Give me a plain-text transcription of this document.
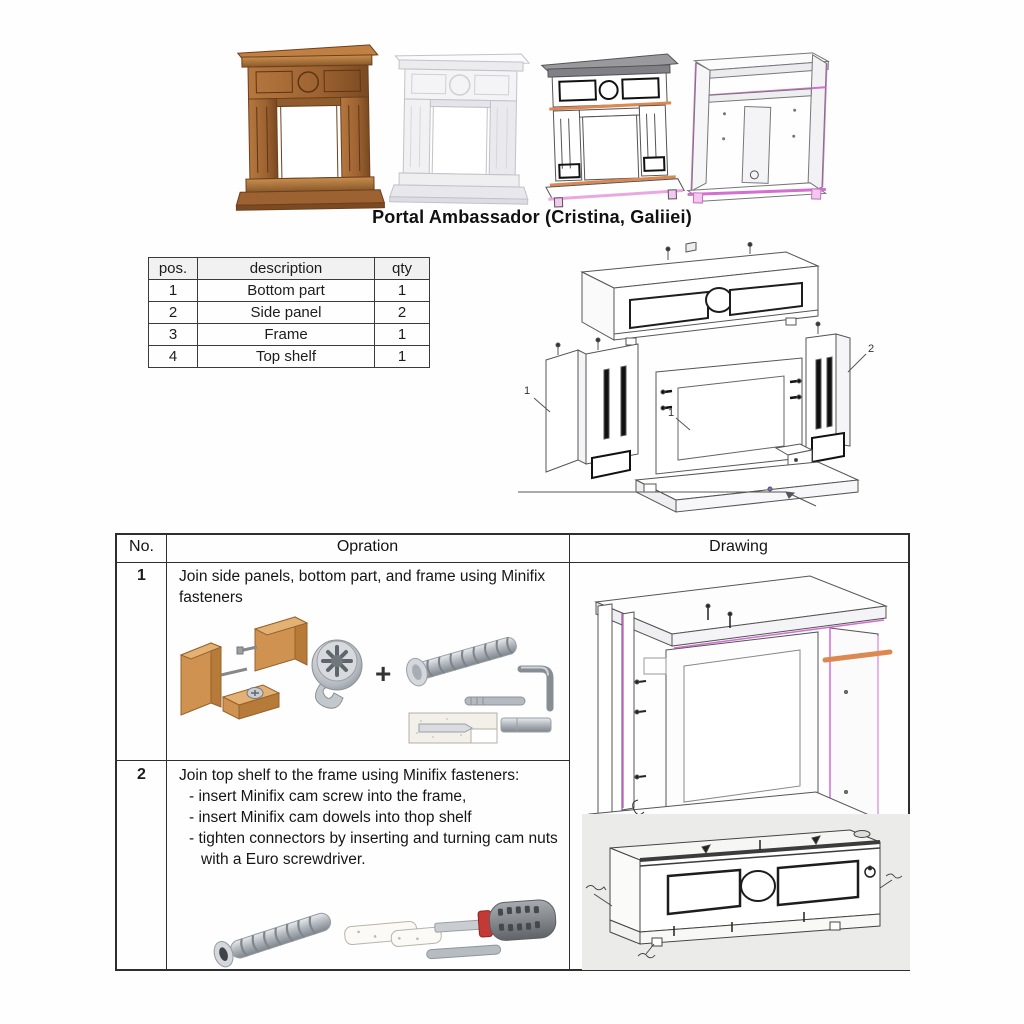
Portal Ambassador (Cristina, Galiiei)
pos.	description	qty
1	Bottom part	1
2	Side panel	2
3	Frame	1
4	Top shelf	1
1
1
2
No.	Opration	Drawing
1	Join side panels, bottom part, and frame using Minifix fasteners
+
2	Join top shelf to the frame using Minifix fasteners:
- insert Minifix cam screw into the frame,
- insert Minifix cam dowels into thop shelf
- tighten connectors by inserting and turning cam nuts with a Euro screwdriver.
